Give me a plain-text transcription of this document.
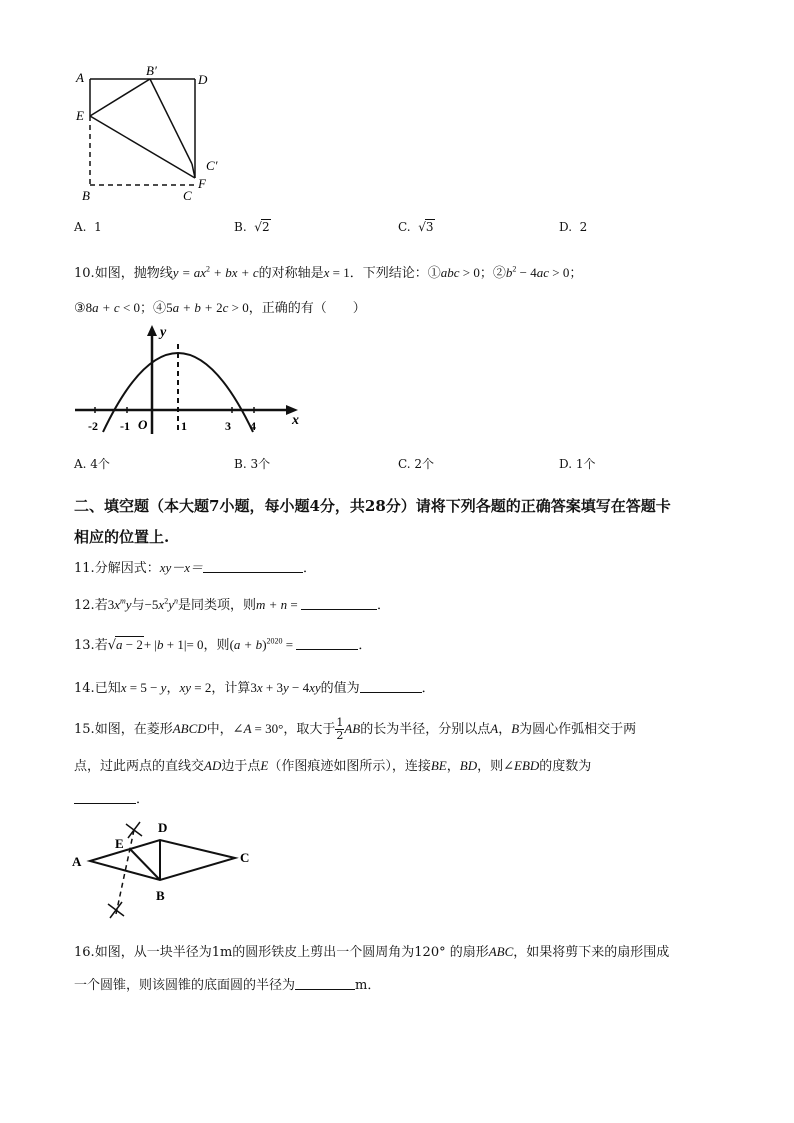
A	B′
D
E
C′
F
B	C
A. 1	B. √2	C. √3	D. 2
10.如图，抛物线$y = ax^2$ + bx + c的对称轴是x = 1．下列结论：①abc > 0；$②b^2 - 4ac > 0$；
③8a + c < 0；④5a + b + 2c > 0，正确的有（　　）
y
x
O
-2 -1	1	3 4
A. 4个	B. 3个	C. 2个	D. 1个
二、填空题（本大题7小题，每小题4分，共28分）请将下列各题的正确答案填写在答题卡
相应的位置上.
11.分解因式：xy－x＝	．
12.若$3x^my$与$-5x^2y^n$是同类项，则m + n =	．
13.若√a − 2+ |b + 1|= 0，则$(a + b)^{2020}$ =	．
14.已知x = 5 − y，xy = 2，计算3x + 3y − 4xy的值为	．
15.如图，在菱形ABCD中，∠A = 30°，取大于 $\frac{1}{2}$ AB的长为半径，分别以点A，B为圆心作弧相交于两
点，过此两点的直线交AD边于点E（作图痕迹如图所示），连接BE，BD，则∠EBD的度数为
．
A
E
D
B
C
16.如图，从一块半径为1m的圆形铁皮上剪出一个圆周角为120° 的扇形ABC，如果将剪下来的扇形围成
一个圆锥，则该圆锥的底面圆的半径为	m．
